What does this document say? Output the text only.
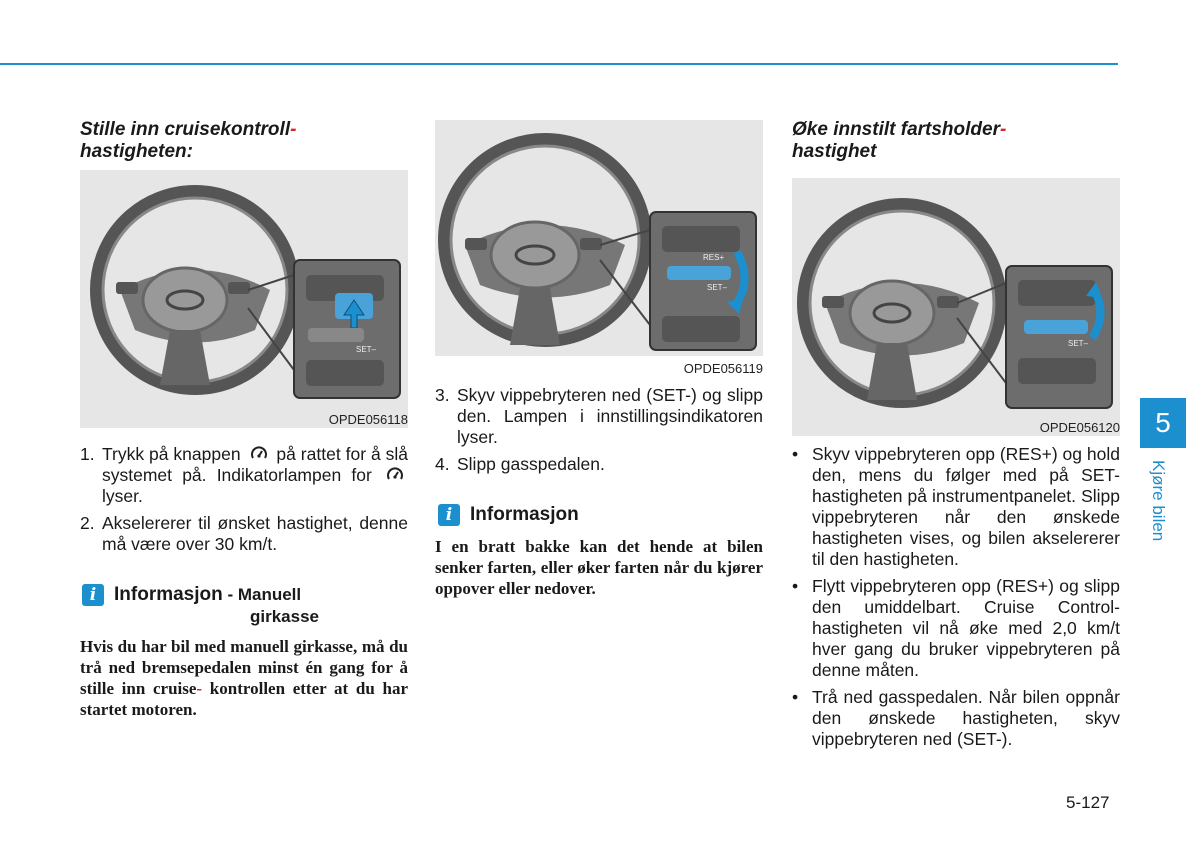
Stille inn cruisekontroll-
hastigheten:
SET–
OPDE056118
1. Trykk på knappen på rattet for å slå systemet på. Indikatorlampen for  lyser.
2. Akselererer til ønsket hastighet, denne må være over 30 km/t.
i Informasjon - Manuell
girkasse
Hvis du har bil med manuell girkasse, må du trå ned bremsepedalen minst én gang for å stille inn cruise- kontrollen etter at du har startet motoren.
RES+
SET–
OPDE056119
3. Skyv vippebryteren ned (SET-) og slipp den. Lampen i innstillingsindikatoren lyser.
4. Slipp gasspedalen.
i Informasjon
I en bratt bakke kan det hende at bilen senker farten, eller øker farten når du kjører oppover eller nedover.
Øke innstilt fartsholder-
hastighet
SET–
OPDE056120
• Skyv vippebryteren opp (RES+) og hold den, mens du følger med på SET-hastigheten på instrumentpanelet. Slipp vippebryteren når den ønskede hastigheten vises, og bilen akselererer til den hastigheten.
• Flytt vippebryteren opp (RES+) og slipp den umiddelbart. Cruise Control-hastigheten vil nå øke med 2,0 km/t hver gang du bruker vippebryteren på denne måten.
• Trå ned gasspedalen. Når bilen oppnår den ønskede hastigheten, skyv vippebryteren ned (SET-).
5
Kjøre bilen
5-127
